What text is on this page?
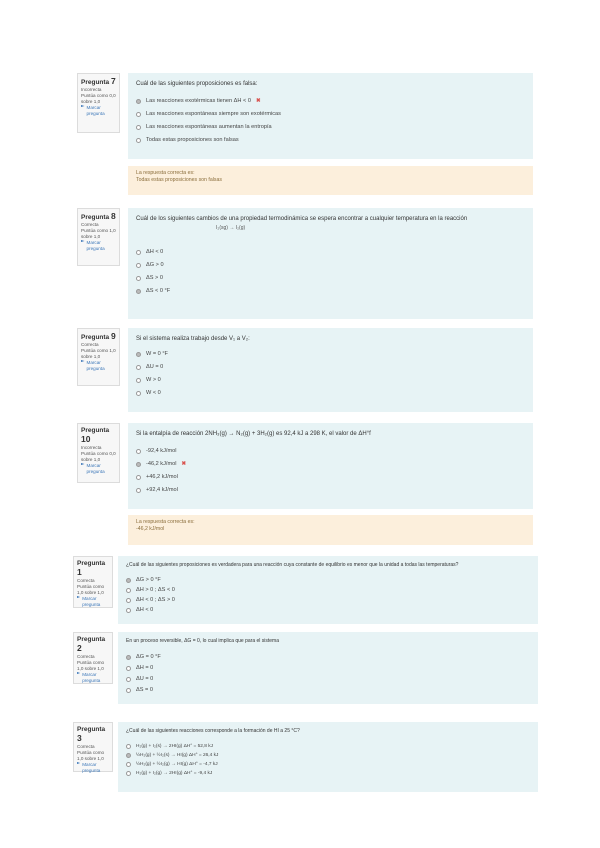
Pregunta 7
Incorrecta
Puntúa como 0,0 sobre 1,0
Marcar pregunta
Cuál de las siguientes proposiciones es falsa:
Las reacciones exotérmicas tienen ΔH < 0 ✖
Las reacciones espontáneas siempre son exotérmicas
Las reacciones espontáneas aumentan la entropía
Todas estas proposiciones son falsas
La respuesta correcta es:
Todas estas proposiciones son falsas
Pregunta 8
Correcta
Puntúa como 1,0 sobre 1,0
Marcar pregunta
Cuál de los siguientes cambios de una propiedad termodinámica se espera encontrar a cualquier temperatura en la reacción
I₂(sg) → I₂(g)
ΔH < 0
ΔG > 0
ΔS > 0
ΔS < 0 °F
Pregunta 9
Correcta
Puntúa como 1,0 sobre 1,0
Marcar pregunta
Si el sistema realiza trabajo desde V₁ a V₂:
W = 0 °F
ΔU = 0
W > 0
W < 0
Pregunta 10
Incorrecta
Puntúa como 0,0 sobre 1,0
Marcar pregunta
Si la entalpía de reacción 2NH₃(g) → N₂(g) + 3H₂(g) es 92,4 kJ a 298 K, el valor de ΔH°f
-92,4 kJ/mol
-46,2 kJ/mol ✖
+46,2 kJ/mol
+92,4 kJ/mol
La respuesta correcta es:
-46,2 kJ/mol
Pregunta 1
Correcta
Puntúa como 1,0 sobre 1,0
Marcar pregunta
¿Cuál de las siguientes proposiciones es verdadera para una reacción cuya constante de equilibrio es menor que la unidad a todas las temperaturas?
ΔG > 0 °F
ΔH > 0 ; ΔS < 0
ΔH < 0 ; ΔS > 0
ΔH < 0
Pregunta 2
Correcta
Puntúa como 1,0 sobre 1,0
Marcar pregunta
En un proceso reversible, ΔG = 0, lo cual implica que para el sistema
ΔG = 0 °F
ΔH = 0
ΔU = 0
ΔS = 0
Pregunta 3
Correcta
Puntúa como 1,0 sobre 1,0
Marcar pregunta
¿Cuál de las siguientes reacciones corresponde a la formación de HI a 25 °C?
H₂(g) + I₂(s) → 2HI(g) ΔH° = 52,8 kJ
½H₂(g) + ½I₂(s) → HI(g) ΔH° = 26,4 kJ
½H₂(g) + ½I₂(g) → HI(g) ΔH° = -4,7 kJ
H₂(g) + I₂(g) → 2HI(g) ΔH° = -9,4 kJ
